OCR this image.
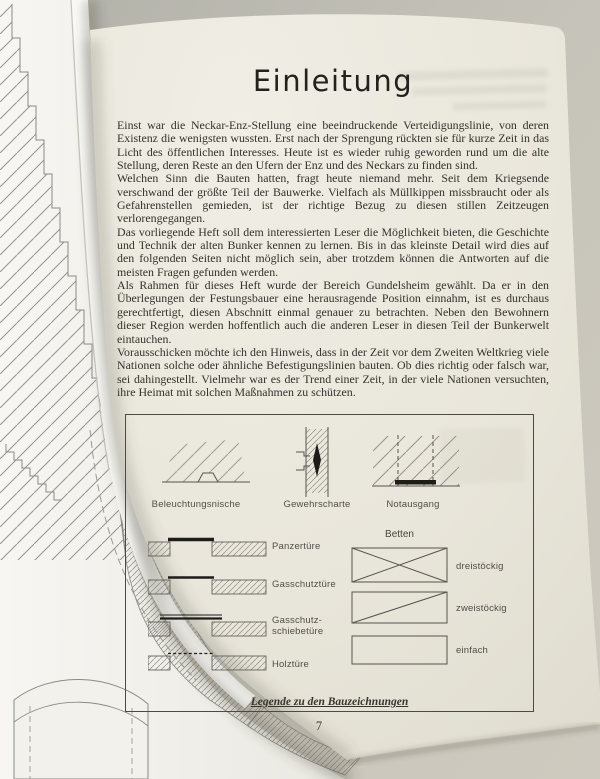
Einleitung

Einst war die Neckar-Enz-Stellung eine beeindruckende Verteidigungslinie, von deren Existenz die wenigsten wussten. Erst nach der Sprengung rückten sie für kurze Zeit in das Licht des öffentlichen Interesses. Heute ist es wieder ruhig geworden rund um die alte Stellung, deren Reste an den Ufern der Enz und des Neckars zu finden sind.

Welchen Sinn die Bauten hatten, fragt heute niemand mehr. Seit dem Kriegsende verschwand der größte Teil der Bauwerke. Vielfach als Müllkippen missbraucht oder als Gefahrenstellen gemieden, ist der richtige Bezug zu diesen stillen Zeitzeugen verlorengegangen.

Das vorliegende Heft soll dem interessierten Leser die Möglichkeit bieten, die Geschichte und Technik der alten Bunker kennen zu lernen. Bis in das kleinste Detail wird dies auf den folgenden Seiten nicht möglich sein, aber trotzdem können die Antworten auf die meisten Fragen gefunden werden.

Als Rahmen für dieses Heft wurde der Bereich Gundelsheim gewählt. Da er in den Überlegungen der Festungsbauer eine herausragende Position einnahm, ist es durchaus gerechtfertigt, diesen Abschnitt einmal genauer zu betrachten. Neben den Bewohnern dieser Region werden hoffentlich auch die anderen Leser in diesen Teil der Bunkerwelt eintauchen.

Vorausschicken möchte ich den Hinweis, dass in der Zeit vor dem Zweiten Weltkrieg viele Nationen solche oder ähnliche Befestigungslinien bauten. Ob dies richtig oder falsch war, sei dahingestellt. Vielmehr war es der Trend einer Zeit, in der viele Nationen versuchten, ihre Heimat mit solchen Maßnahmen zu schützen.

Beleuchtungsnische	Gewehrscharte	Notausgang
Panzertüre
Gasschutztüre
Gasschutz-schiebetüre
Holztüre
Betten
dreistöckig
zweistöckig
einfach
Legende zu den Bauzeichnungen
7
